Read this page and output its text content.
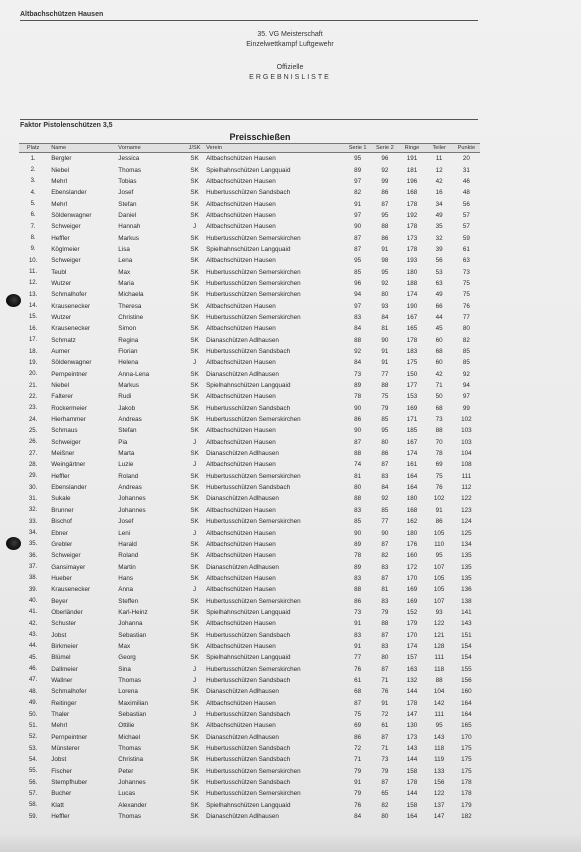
Altbachschützen Hausen
35. VG Meisterschaft
Einzelwettkampf Luftgewehr
Offizielle
ERGEBNISLISTE
Faktor Pistolenschützen 3,5
Preisschießen
Platz	Name	Vorname	J/SK	Verein	Serie 1	Serie 2	Ringe	Teiler	Punkte
1.	Bergler	Jessica	SK	Altbachschützen Hausen	95	96	191	11	20
2.	Niebel	Thomas	SK	Spielhahnschützen Langquaid	89	92	181	12	31
3.	Mehrl	Tobias	SK	Altbachschützen Hausen	97	99	196	42	46
4.	Ebenslander	Josef	SK	Hubertusschützen Sandsbach	82	86	168	16	48
5.	Mehrl	Stefan	SK	Altbachschützen Hausen	91	87	178	34	56
6.	Söldenwagner	Daniel	SK	Altbachschützen Hausen	97	95	192	49	57
7.	Schweiger	Hannah	J	Altbachschützen Hausen	90	88	178	35	57
8.	Heffler	Markus	SK	Hubertusschützen Semerskirchen	87	86	173	32	59
9.	Köglmeier	Lisa	SK	Spielhahnschützen Langquaid	87	91	178	39	61
10.	Schweiger	Lena	SK	Altbachschützen Hausen	95	98	193	56	63
11.	Teubl	Max	SK	Hubertusschützen Semerskirchen	85	95	180	53	73
12.	Wutzer	Maria	SK	Hubertusschützen Semerskirchen	96	92	188	63	75
13.	Schmalhofer	Michaela	SK	Hubertusschützen Semerskirchen	94	80	174	49	75
14.	Krausenecker	Theresa	SK	Altbachschützen Hausen	97	93	190	66	76
15.	Wutzer	Christine	SK	Hubertusschützen Semerskirchen	83	84	167	44	77
16.	Krausenecker	Simon	SK	Altbachschützen Hausen	84	81	165	45	80
17.	Schmatz	Regina	SK	Dianaschützen Adlhausen	88	90	178	60	82
18.	Aumer	Florian	SK	Hubertusschützen Sandsbach	92	91	183	68	85
19.	Söldenwagner	Helena	J	Altbachschützen Hausen	84	91	175	60	85
20.	Pernpeintner	Anna-Lena	SK	Dianaschützen Adlhausen	73	77	150	42	92
21.	Niebel	Markus	SK	Spielhahnschützen Langquaid	89	88	177	71	94
22.	Falterer	Rudi	SK	Altbachschützen Hausen	78	75	153	50	97
23.	Rockermeier	Jakob	SK	Hubertusschützen Sandsbach	90	79	169	68	99
24.	Hierhammer	Andreas	SK	Hubertusschützen Semerskirchen	86	85	171	73	102
25.	Schmaus	Stefan	SK	Altbachschützen Hausen	90	95	185	88	103
26.	Schweiger	Pia	J	Altbachschützen Hausen	87	80	167	70	103
27.	Meißner	Marta	SK	Dianaschützen Adlhausen	88	86	174	78	104
28.	Weingärtner	Luzie	J	Altbachschützen Hausen	74	87	161	69	108
29.	Heffler	Roland	SK	Hubertusschützen Semerskirchen	81	83	164	75	111
30.	Ebenslander	Andreas	SK	Hubertusschützen Sandsbach	80	84	164	76	112
31.	Sukale	Johannes	SK	Dianaschützen Adlhausen	88	92	180	102	122
32.	Brunner	Johannes	SK	Altbachschützen Hausen	83	85	168	91	123
33.	Bischof	Josef	SK	Hubertusschützen Semerskirchen	85	77	162	86	124
34.	Ebner	Leni	J	Altbachschützen Hausen	90	90	180	105	125
35.	Grebler	Harald	SK	Altbachschützen Hausen	89	87	176	110	134
36.	Schweiger	Roland	SK	Altbachschützen Hausen	78	82	160	95	135
37.	Gansimayer	Martin	SK	Dianaschützen Adlhausen	89	83	172	107	135
38.	Hueber	Hans	SK	Altbachschützen Hausen	83	87	170	105	135
39.	Krausenecker	Anna	J	Altbachschützen Hausen	88	81	169	105	136
40.	Beyer	Steffen	SK	Hubertusschützen Semerskirchen	86	83	169	107	138
41.	Oberländer	Karl-Heinz	SK	Spielhahnschützen Langquaid	73	79	152	93	141
42.	Schuster	Johanna	SK	Altbachschützen Hausen	91	88	179	122	143
43.	Jobst	Sebastian	SK	Hubertusschützen Sandsbach	83	87	170	121	151
44.	Birkmeier	Max	SK	Altbachschützen Hausen	91	83	174	128	154
45.	Blümel	Georg	SK	Spielhahnschützen Langquaid	77	80	157	111	154
46.	Dallmeier	Sina	J	Hubertusschützen Semerskirchen	76	87	163	118	155
47.	Wallner	Thomas	J	Hubertusschützen Sandsbach	61	71	132	88	156
48.	Schmalhofer	Lorena	SK	Dianaschützen Adlhausen	68	76	144	104	160
49.	Reitinger	Maximilian	SK	Altbachschützen Hausen	87	91	178	142	164
50.	Thaler	Sebastian	J	Hubertusschützen Sandsbach	75	72	147	111	164
51.	Mehrl	Ottilie	SK	Altbachschützen Hausen	69	61	130	95	165
52.	Pernpeintner	Michael	SK	Dianaschützen Adlhausen	86	87	173	143	170
53.	Münsterer	Thomas	SK	Hubertusschützen Sandsbach	72	71	143	118	175
54.	Jobst	Christina	SK	Hubertusschützen Sandsbach	71	73	144	119	175
55.	Fischer	Peter	SK	Hubertusschützen Semerskirchen	79	79	158	133	175
56.	Stempfhuber	Johannes	SK	Hubertusschützen Sandsbach	91	87	178	156	178
57.	Bucher	Lucas	SK	Hubertusschützen Semerskirchen	79	65	144	122	178
58.	Klatt	Alexander	SK	Spielhahnschützen Langquaid	76	82	158	137	179
59.	Heffler	Thomas	SK	Dianaschützen Adlhausen	84	80	164	147	182
